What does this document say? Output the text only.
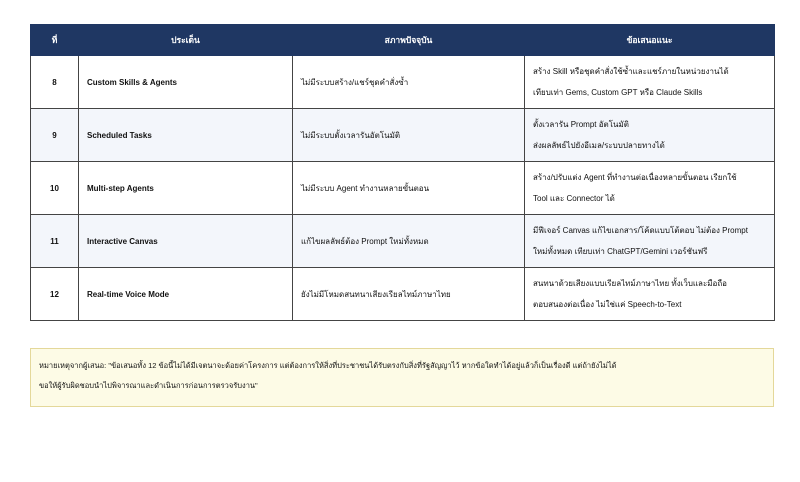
ที่	ประเด็น	สภาพปัจจุบัน	ข้อเสนอแนะ
8	Custom Skills & Agents	ไม่มีระบบสร้าง/แชร์ชุดคำสั่งซ้ำ	สร้าง Skill หรือชุดคำสั่งใช้ซ้ำและแชร์ภายในหน่วยงานได้
เทียบเท่า Gems, Custom GPT หรือ Claude Skills

9	Scheduled Tasks	ไม่มีระบบตั้งเวลารันอัตโนมัติ	ตั้งเวลารัน Prompt อัตโนมัติ
ส่งผลลัพธ์ไปยังอีเมล/ระบบปลายทางได้

10	Multi-step Agents	ไม่มีระบบ Agent ทำงานหลายขั้นตอน	สร้าง/ปรับแต่ง Agent ที่ทำงานต่อเนื่องหลายขั้นตอน เรียกใช้
Tool และ Connector ได้

11	Interactive Canvas	แก้ไขผลลัพธ์ต้อง Prompt ใหม่ทั้งหมด	มีฟีเจอร์ Canvas แก้ไขเอกสาร/โค้ดแบบโต้ตอบ ไม่ต้อง Prompt
ใหม่ทั้งหมด เทียบเท่า ChatGPT/Gemini เวอร์ชันฟรี

12	Real-time Voice Mode	ยังไม่มีโหมดสนทนาเสียงเรียลไทม์ภาษาไทย	สนทนาด้วยเสียงแบบเรียลไทม์ภาษาไทย ทั้งเว็บและมือถือ
ตอบสนองต่อเนื่อง ไม่ใช่แค่ Speech-to-Text

หมายเหตุจากผู้เสนอ: "ข้อเสนอทั้ง 12 ข้อนี้ไม่ได้มีเจตนาจะด้อยค่าโครงการ แต่ต้องการให้สิ่งที่ประชาชนได้รับตรงกับสิ่งที่รัฐสัญญาไว้ หากข้อใดทำได้อยู่แล้วก็เป็นเรื่องดี แต่ถ้ายังไม่ได้
ขอให้ผู้รับผิดชอบนำไปพิจารณาและดำเนินการก่อนการตรวจรับงาน"
